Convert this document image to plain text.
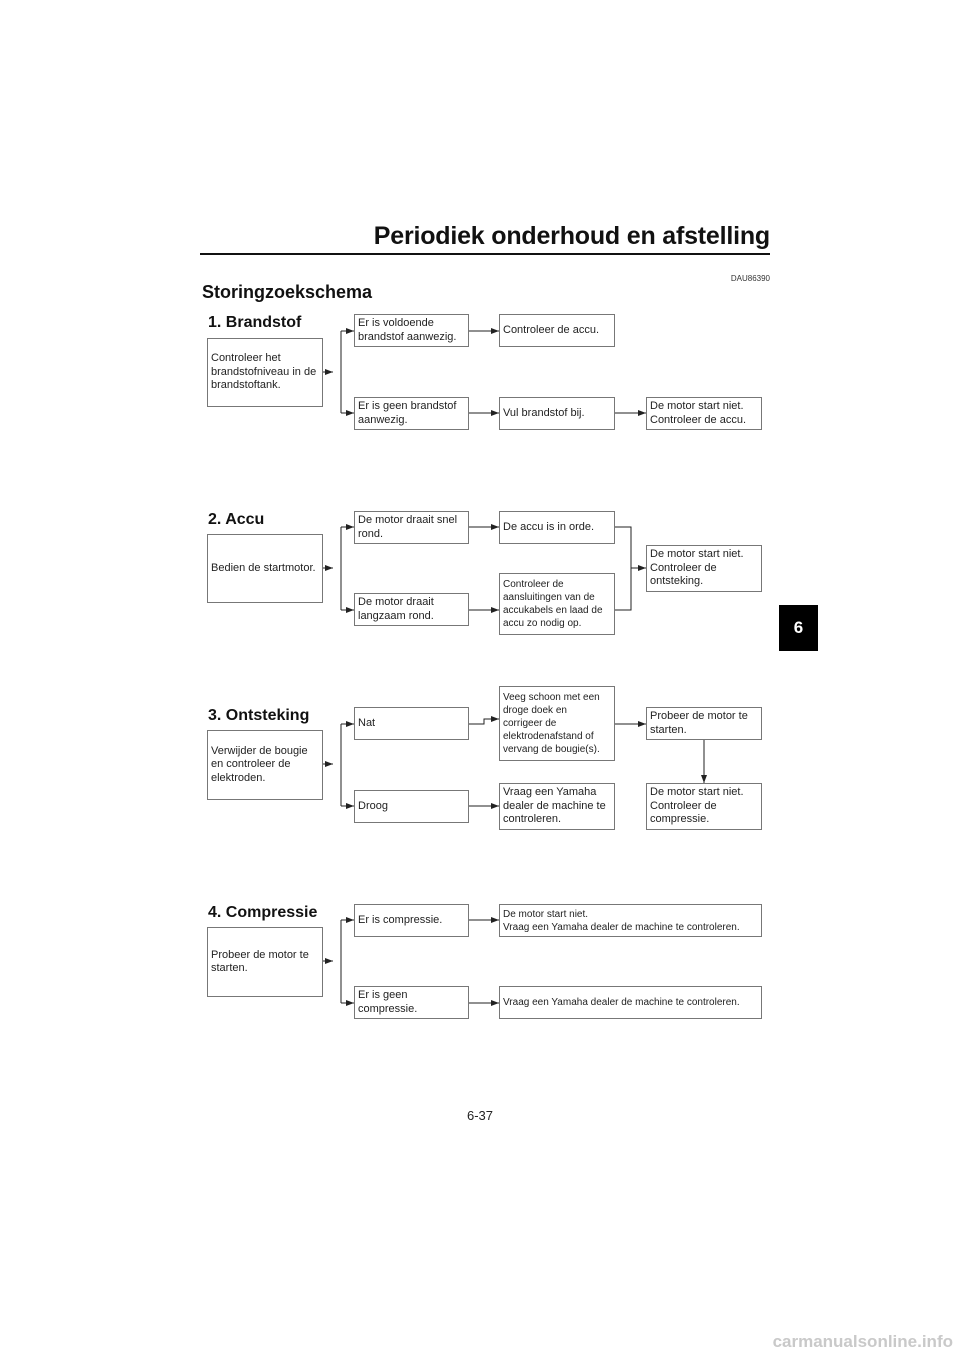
Periodiek onderhoud en afstelling
DAU86390
Storingzoekschema
6
1. Brandstof
Controleer het
brandstofniveau in de
brandstoftank.
Er is voldoende
brandstof aanwezig.
Controleer de accu.
Er is geen brandstof
aanwezig.
Vul brandstof bij.
De motor start niet.
Controleer de accu.
2. Accu
Bedien de startmotor.
De motor draait snel
rond.
De accu is in orde.
De motor draait
langzaam rond.
Controleer de
aansluitingen van de
accukabels en laad de
accu zo nodig op.
De motor start niet.
Controleer de
ontsteking.
3. Ontsteking
Verwijder de bougie
en controleer de
elektroden.
Nat
Veeg schoon met een
droge doek en
corrigeer de
elektrodenafstand of
vervang de bougie(s).
Probeer de motor te
starten.
De motor start niet.
Controleer de
compressie.
Droog
Vraag een Yamaha
dealer de machine te
controleren.
4. Compressie
Probeer de motor te
starten.
Er is compressie.	De motor start niet.
Vraag een Yamaha dealer de machine te controleren.
Er is geen
compressie.	Vraag een Yamaha dealer de machine te controleren.
6-37
carmanualsonline.info
